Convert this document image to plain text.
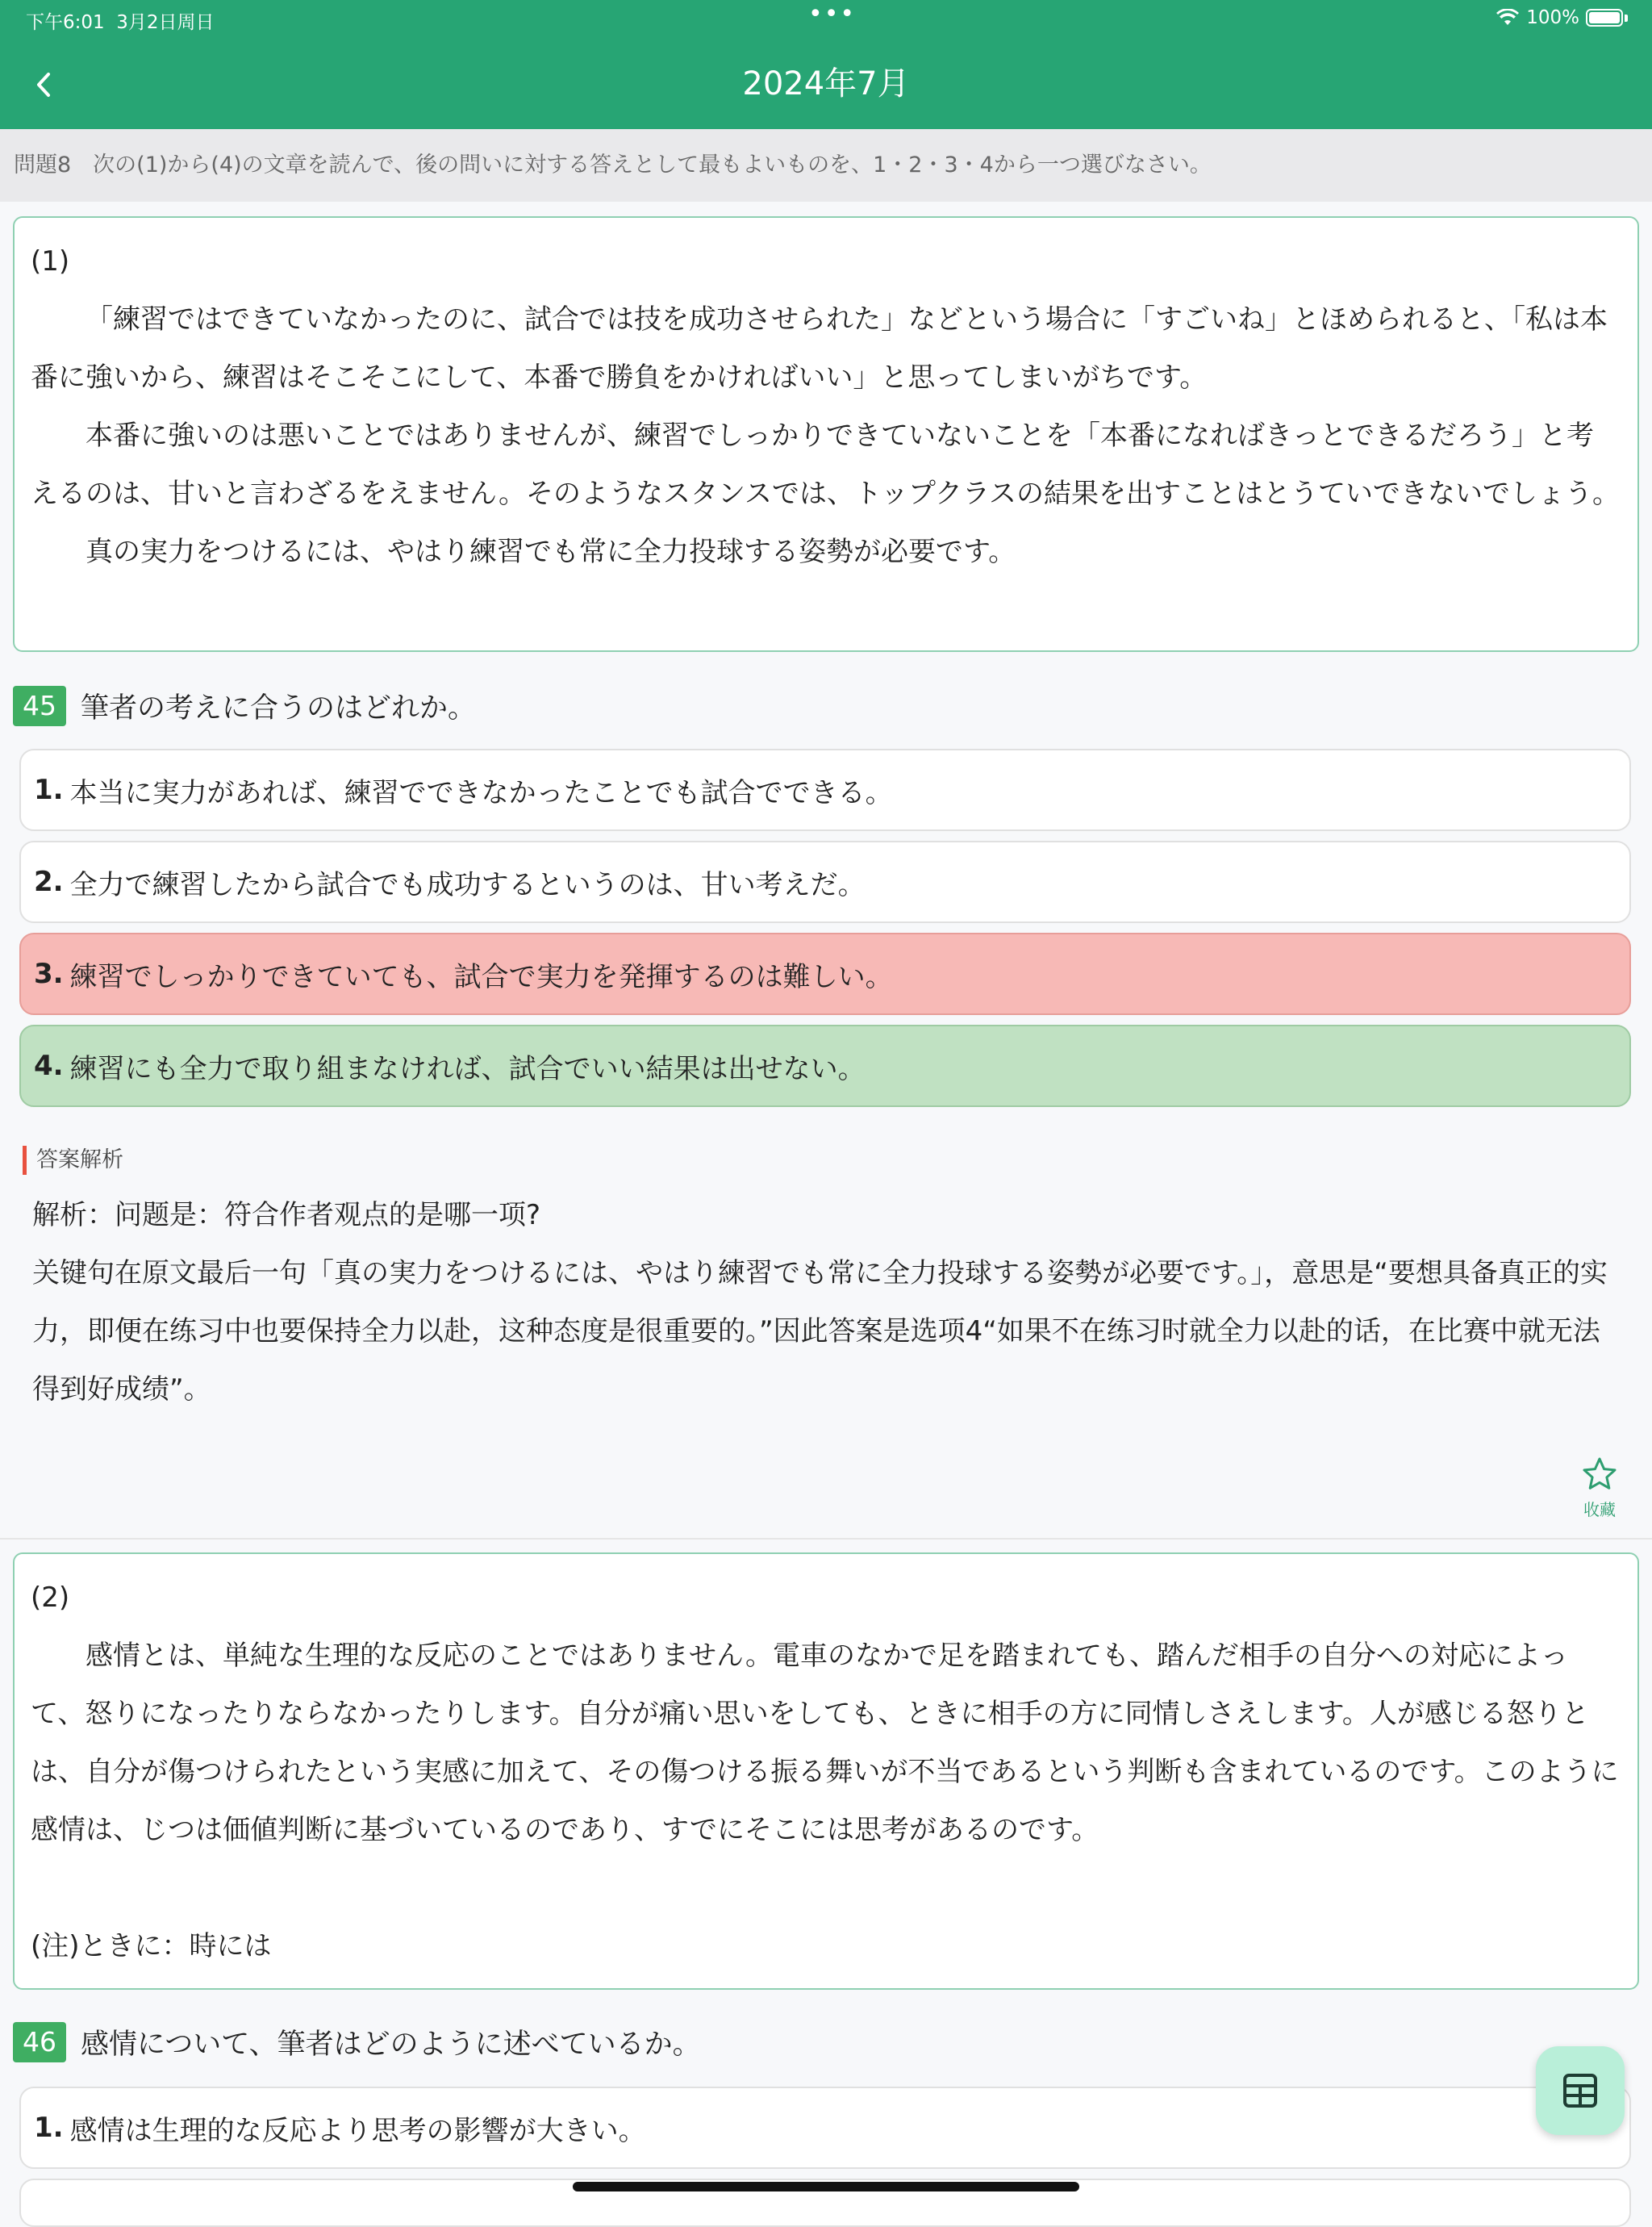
下午6:01 3月2日周日	•••	100%
2024年7月
問題8　次の(1)から(4)の文章を読んで、後の問いに対する答えとして最もよいものを、1・2・3・4から一つ選びなさい。

(1)

「練習ではできていなかったのに、試合では技を成功させられた」などという場合に「すごいね」とほめられると、「私は本番に強いから、練習はそこそこにして、本番で勝負をかければいい」と思ってしまいがちです。

本番に強いのは悪いことではありませんが、練習でしっかりできていないことを「本番になればきっとできるだろう」と考えるのは、甘いと言わざるをえません。そのようなスタンスでは、トップクラスの結果を出すことはとうていできないでしょう。

真の実力をつけるには、やはり練習でも常に全力投球する姿勢が必要です。

45 筆者の考えに合うのはどれか。
1. 本当に実力があれば、練習でできなかったことでも試合でできる。
2. 全力で練習したから試合でも成功するというのは、甘い考えだ。
3. 練習でしっかりできていても、試合で実力を発揮するのは難しい。
4. 練習にも全力で取り組まなければ、試合でいい結果は出せない。
答案解析

解析：问题是：符合作者观点的是哪一项?

关键句在原文最后一句「真の実力をつけるには、やはり練習でも常に全力投球する姿勢が必要です。」，意思是“要想具备真正的实力，即便在练习中也要保持全力以赴，这种态度是很重要的。”因此答案是选项4“如果不在练习时就全力以赴的话，在比赛中就无法得到好成绩”。

收藏

(2)

感情とは、単純な生理的な反応のことではありません。電車のなかで足を踏まれても、踏んだ相手の自分への対応によって、怒りになったりならなかったりします。自分が痛い思いをしても、ときに相手の方に同情しさえします。人が感じる怒りとは、自分が傷つけられたという実感に加えて、その傷つける振る舞いが不当であるという判断も含まれているのです。このように感情は、じつは価値判断に基づいているのであり、すでにそこには思考があるのです。

(注)ときに：時には

46 感情について、筆者はどのように述べているか。
1. 感情は生理的な反応より思考の影響が大きい。
